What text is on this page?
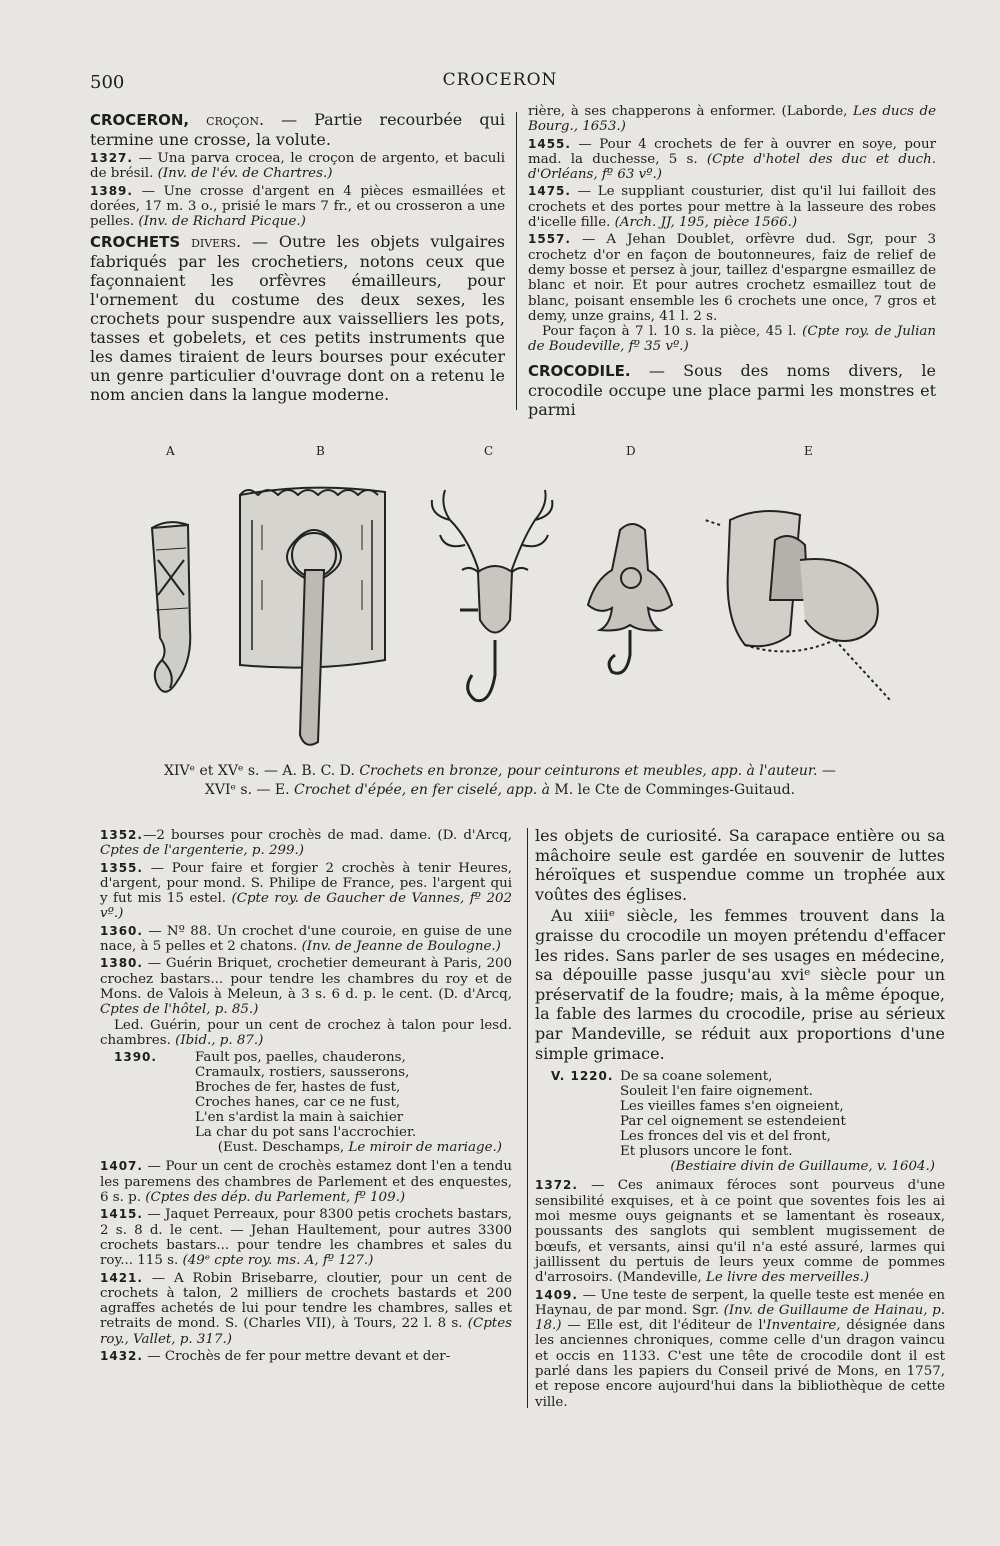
500	CROCERON

CROCERON, croçon. — Partie recourbée qui termine une crosse, la volute.

1327. — Una parva crocea, le croçon de argento, et baculi de brésil. (Inv. de l'év. de Chartres.)

1389. — Une crosse d'argent en 4 pièces esmaillées et dorées, 17 m. 3 o., prisié le mars 7 fr., et ou crosseron a une pelles. (Inv. de Richard Picque.)

CROCHETS divers. — Outre les objets vulgaires fabriqués par les crochetiers, notons ceux que façonnaient les orfèvres émailleurs, pour l'ornement du costume des deux sexes, les crochets pour suspendre aux vaisselliers les pots, tasses et gobelets, et ces petits instruments que les dames tiraient de leurs bourses pour exécuter un genre particulier d'ouvrage dont on a retenu le nom ancien dans la langue moderne.

rière, à ses chapperons à enformer. (Laborde, Les ducs de Bourg., 1653.)

1455. — Pour 4 crochets de fer à ouvrer en soye, pour mad. la duchesse, 5 s. (Cpte d'hotel des duc et duch. d'Orléans, fº 63 vº.)

1475. — Le suppliant cousturier, dist qu'il lui failloit des crochets et des portes pour mettre à la lasseure des robes d'icelle fille. (Arch. JJ, 195, pièce 1566.)

1557. — A Jehan Doublet, orfèvre dud. Sgr, pour 3 crochetz d'or en façon de boutonneures, faiz de relief de demy bosse et persez à jour, taillez d'espargne esmaillez de blanc et noir. Et pour autres crochetz esmaillez tout de blanc, poisant ensemble les 6 crochets une once, 7 gros et demy, unze grains, 41 l. 2 s.

Pour façon à 7 l. 10 s. la pièce, 45 l. (Cpte roy. de Julian de Boudeville, fº 35 vº.)

CROCODILE. — Sous des noms divers, le crocodile occupe une place parmi les monstres et parmi

A	B	C	D	E
XIVᵉ et XVᵉ s. — A. B. C. D. Crochets en bronze, pour ceinturons et meubles, app. à l'auteur. —
XVIᵉ s. — E. Crochet d'épée, en fer ciselé, app. à M. le Cte de Comminges-Guitaud.

1352.—2 bourses pour crochès de mad. dame. (D. d'Arcq, Cptes de l'argenterie, p. 299.)

1355. — Pour faire et forgier 2 crochès à tenir Heures, d'argent, pour mond. S. Philipe de France, pes. l'argent qui y fut mis 15 estel. (Cpte roy. de Gaucher de Vannes, fº 202 vº.)

1360. — Nº 88. Un crochet d'une couroie, en guise de une nace, à 5 pelles et 2 chatons. (Inv. de Jeanne de Boulogne.)

1380. — Guérin Briquet, crochetier demeurant à Paris, 200 crochez bastars... pour tendre les chambres du roy et de Mons. de Valois à Meleun, à 3 s. 6 d. p. le cent. (D. d'Arcq, Cptes de l'hôtel, p. 85.)

Led. Guérin, pour un cent de crochez à talon pour lesd. chambres. (Ibid., p. 87.)

1390.	Fault pos, paelles, chauderons,
Cramaulx, rostiers, sausserons,
Broches de fer, hastes de fust,
Croches hanes, car ce ne fust,
L'en s'ardist la main à saichier
La char du pot sans l'accrochier.
(Eust. Deschamps, Le miroir de mariage.)

1407. — Pour un cent de crochès estamez dont l'en a tendu les paremens des chambres de Parlement et des enquestes, 6 s. p. (Cptes des dép. du Parlement, fº 109.)

1415. — Jaquet Perreaux, pour 8300 petis crochets bastars, 2 s. 8 d. le cent. — Jehan Haultement, pour autres 3300 crochets bastars... pour tendre les chambres et sales du roy... 115 s. (49ᵉ cpte roy. ms. A, fº 127.)

1421. — A Robin Brisebarre, cloutier, pour un cent de crochets à talon, 2 milliers de crochets bastards et 200 agraffes achetés de lui pour tendre les chambres, salles et retraits de mond. S. (Charles VII), à Tours, 22 l. 8 s. (Cptes roy., Vallet, p. 317.)

1432. — Crochès de fer pour mettre devant et der-

les objets de curiosité. Sa carapace entière ou sa mâchoire seule est gardée en souvenir de luttes héroïques et suspendue comme un trophée aux voûtes des églises.

Au xiiiᵉ siècle, les femmes trouvent dans la graisse du crocodile un moyen prétendu d'effacer les rides. Sans parler de ses usages en médecine, sa dépouille passe jusqu'au xviᵉ siècle pour un préservatif de la foudre; mais, à la même époque, la fable des larmes du crocodile, prise au sérieux par Mandeville, se réduit aux proportions d'une simple grimace.

V. 1220. De sa coane solement,
Souleit l'en faire oignement.
Les vieilles fames s'en oigneient,
Par cel oignement se estendeient
Les fronces del vis et del front,
Et plusors uncore le font.
(Bestiaire divin de Guillaume, v. 1604.)

1372. — Ces animaux féroces sont pourveus d'une sensibilité exquises, et à ce point que soventes fois les ai moi mesme ouys geignants et se lamentant ès roseaux, poussants des sanglots qui semblent mugissement de bœufs, et versants, ainsi qu'il n'a esté assuré, larmes qui jaillissent du pertuis de leurs yeux comme de pommes d'arrosoirs. (Mandeville, Le livre des merveilles.)

1409. — Une teste de serpent, la quelle teste est menée en Haynau, de par mond. Sgr. (Inv. de Guillaume de Hainau, p. 18.) — Elle est, dit l'éditeur de l'Inventaire, désignée dans les anciennes chroniques, comme celle d'un dragon vaincu et occis en 1133. C'est une tête de crocodile dont il est parlé dans les papiers du Conseil privé de Mons, en 1757, et repose encore aujourd'hui dans la bibliothèque de cette ville.
